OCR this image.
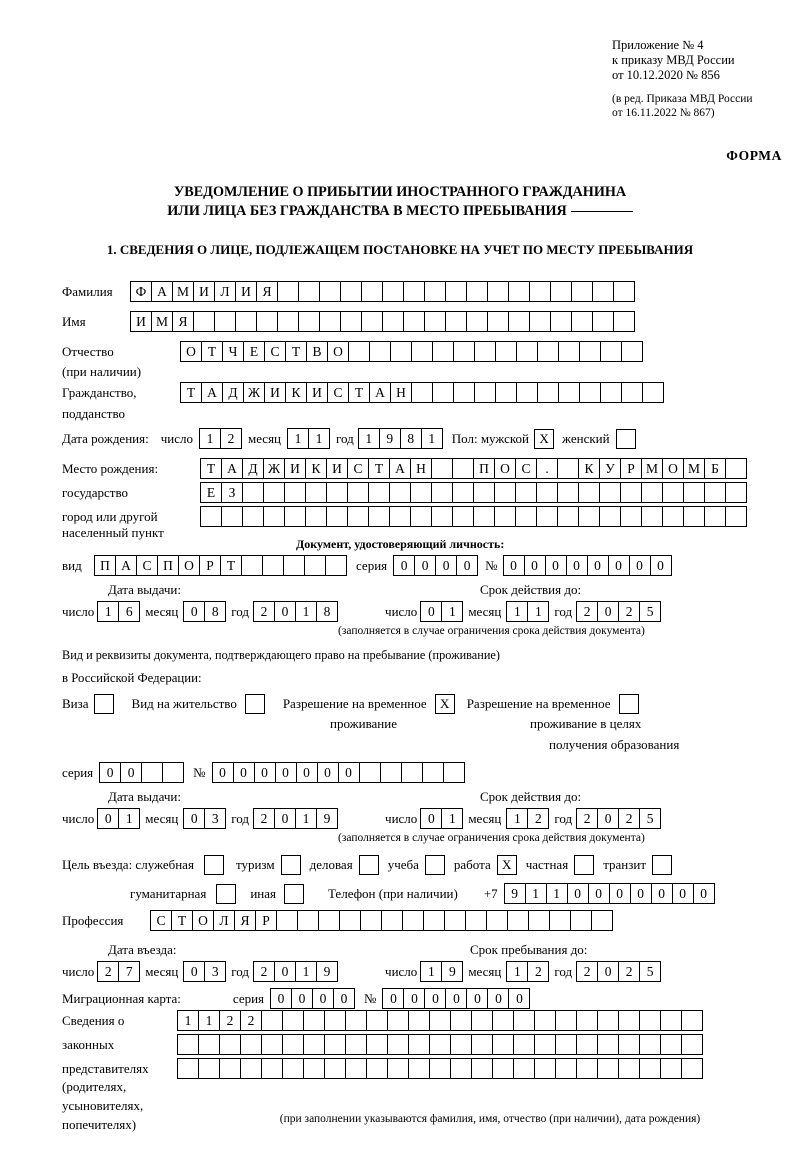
Приложение № 4
к приказу МВД России
от 10.12.2020 № 856
(в ред. Приказа МВД России
от 16.11.2022 № 867)
ФОРМА
УВЕДОМЛЕНИЕ О ПРИБЫТИИ ИНОСТРАННОГО ГРАЖДАНИНА
ИЛИ ЛИЦА БЕЗ ГРАЖДАНСТВА В МЕСТО ПРЕБЫВАНИЯ
1. СВЕДЕНИЯ О ЛИЦЕ, ПОДЛЕЖАЩЕМ ПОСТАНОВКЕ НА УЧЕТ ПО МЕСТУ ПРЕБЫВАНИЯ
Фамилия	Ф А М И Л И Я
Имя	И М Я
Отчество	О Т Ч Е С Т В О
(при наличии)
Гражданство,	Т А Д Ж И К И С Т А Н
подданство
Дата рождения: число	1	2	месяц	1	1	год 1	9	8	1	Пол: мужской Х	женский
Место рождения:	Т А Д Ж И К И С Т А Н	П О С	.	К У Р М О М Б
государство	Е З
город или другой
населенный пункт
Документ, удостоверяющий личность:
вид	П А С П О Р Т	серия	0	0	0	0	№ 0	0	0	0	0	0	0	0
Дата выдачи:	Срок действия до:
число 1	6 месяц 0	8 год 2	0	1	8	число 0	1 месяц 1	1 год 2	0	2	5
(заполняется в случае ограничения срока действия документа)
Вид и реквизиты документа, подтверждающего право на пребывание (проживание)
в Российской Федерации:
Виза	Вид на жительство	Разрешение на временное	Х	Разрешение на временное
проживание	проживание в целях
получения образования
серия	0	0	№	0	0	0	0	0	0	0
Дата выдачи:	Срок действия до:
число 0	1 месяц 0	3 год 2	0	1	9	число 0	1 месяц 1	2 год 2	0	2	5
(заполняется в случае ограничения срока действия документа)
Цель въезда: служебная	туризм	деловая	учеба	работа Х	частная	транзит
гуманитарная	иная	Телефон (при наличии) +7	9	1	1	0	0	0	0	0	0	0
Профессия	С Т О Л Я Р
Дата въезда:	Срок пребывания до:
число 2	7 месяц 0	3 год 2	0	1	9	число 1	9 месяц 1	2 год 2	0	2	5
Миграционная карта:	серия	0	0	0	0	№	0	0	0	0	0	0	0
Сведения о	1	1	2	2
законных
представителях
(родителях,
усыновителях,
попечителях)	(при заполнении указываются фамилия, имя, отчество (при наличии), дата рождения)
